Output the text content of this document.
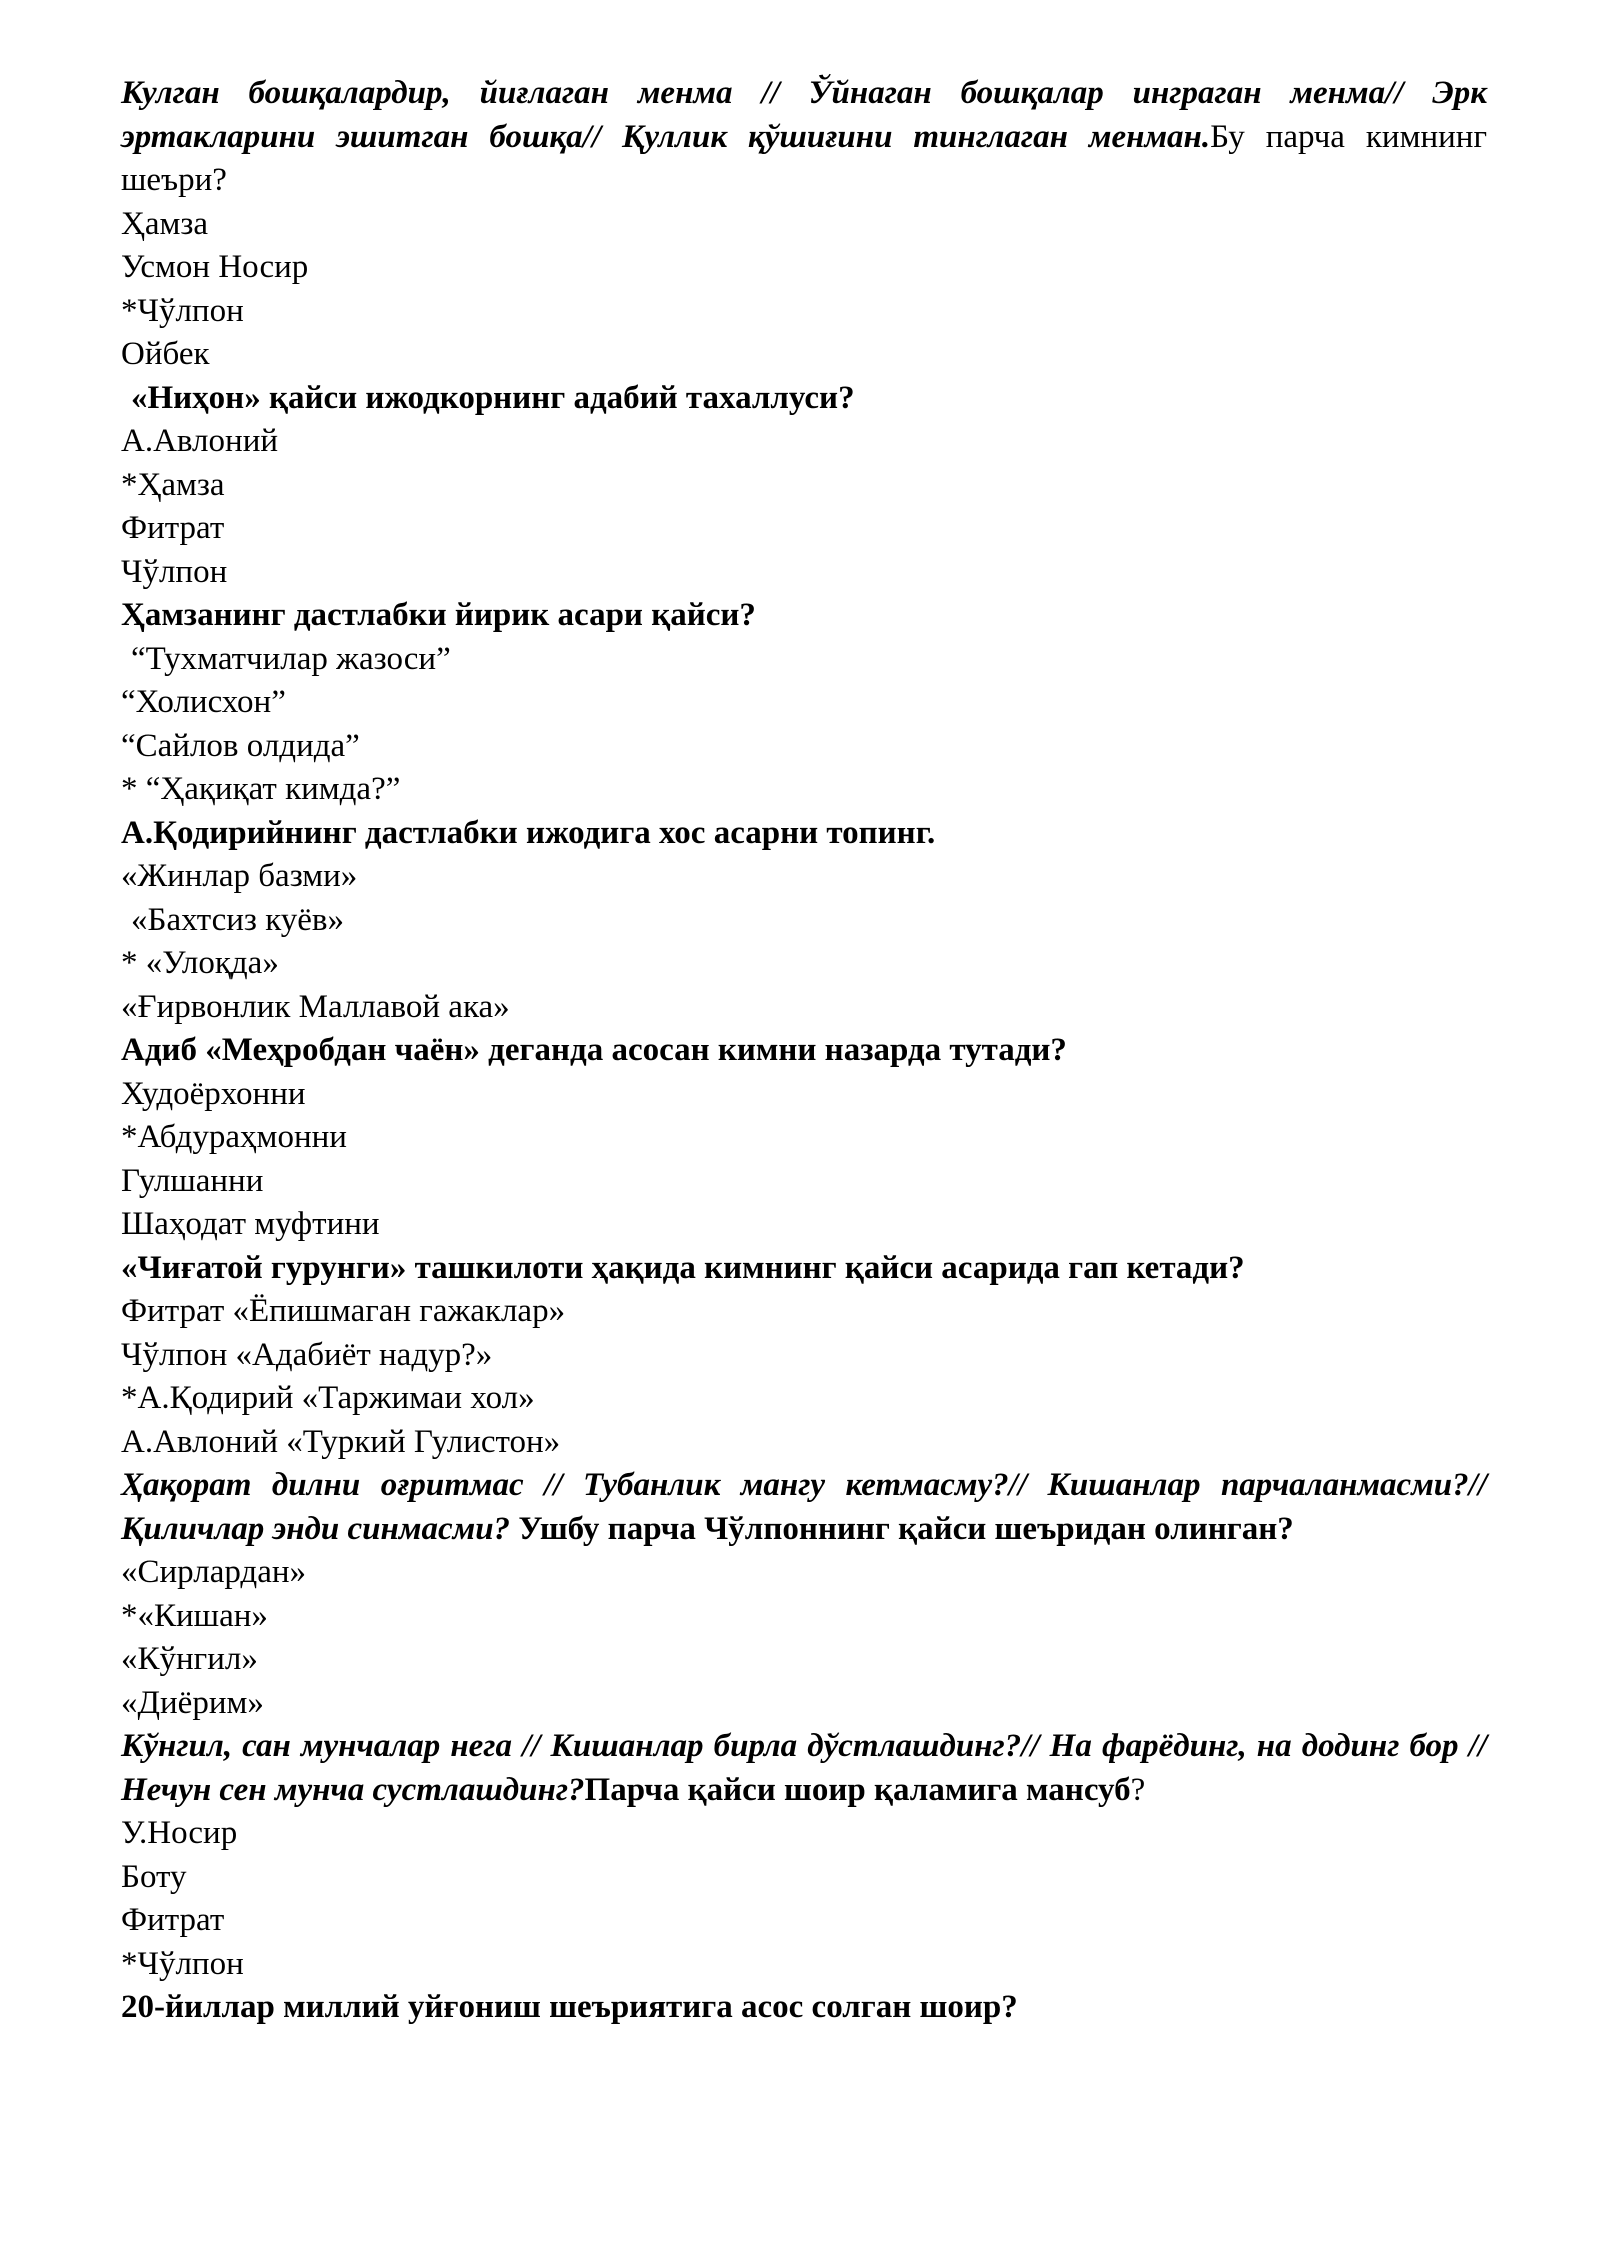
Кулган бошқалардир, йиғлаган менма // Ўйнаган бошқалар инграган менма// Эрк эртакларини эшитган бошқа// Қуллик қўшиғини тинглаган менман.Бу парча кимнинг шеъри?
Ҳамза
Усмон Носир
*Чўлпон
Ойбек
«Ниҳон» қайси ижодкорнинг адабий тахаллуси?
А.Авлоний
*Ҳамза
Фитрат
Чўлпон
Ҳамзанинг дастлабки йирик асари қайси?
“Тухматчилар жазоси”
“Холисхон”
“Сайлов олдида”
* “Ҳақиқат кимда?”
А.Қодирийнинг дастлабки ижодига хос асарни топинг.
«Жинлар базми»
«Бахтсиз куёв»
* «Улоқда»
«Ғирвонлик Маллавой ака»
Адиб «Меҳробдан чаён» деганда асосан кимни назарда тутади?
Худоёрхонни
*Абдураҳмонни
Гулшанни
Шаҳодат муфтини
«Чиғатой гурунги» ташкилоти ҳақида кимнинг қайси асарида гап кетади?
Фитрат «Ёпишмаган гажаклар»
Чўлпон «Адабиёт надур?»
*А.Қодирий «Таржимаи хол»
А.Авлоний «Туркий Гулистон»
Ҳақорат дилни оғритмас // Тубанлик мангу кетмасму?// Кишанлар парчаланмасми?// Қиличлар энди синмасми? Ушбу парча Чўлпоннинг қайси шеъридан олинган?
«Сирлардан»
*«Кишан»
«Кўнгил»
«Диёрим»
Кўнгил, сан мунчалар нега // Кишанлар бирла дўстлашдинг?// На фарёдинг, на додинг бор // Нечун сен мунча сустлашдинг?Парча қайси шоир қаламига мансуб?
У.Носир
Боту
Фитрат
*Чўлпон
20-йиллар миллий уйғониш шеъриятига асос солган шоир?
